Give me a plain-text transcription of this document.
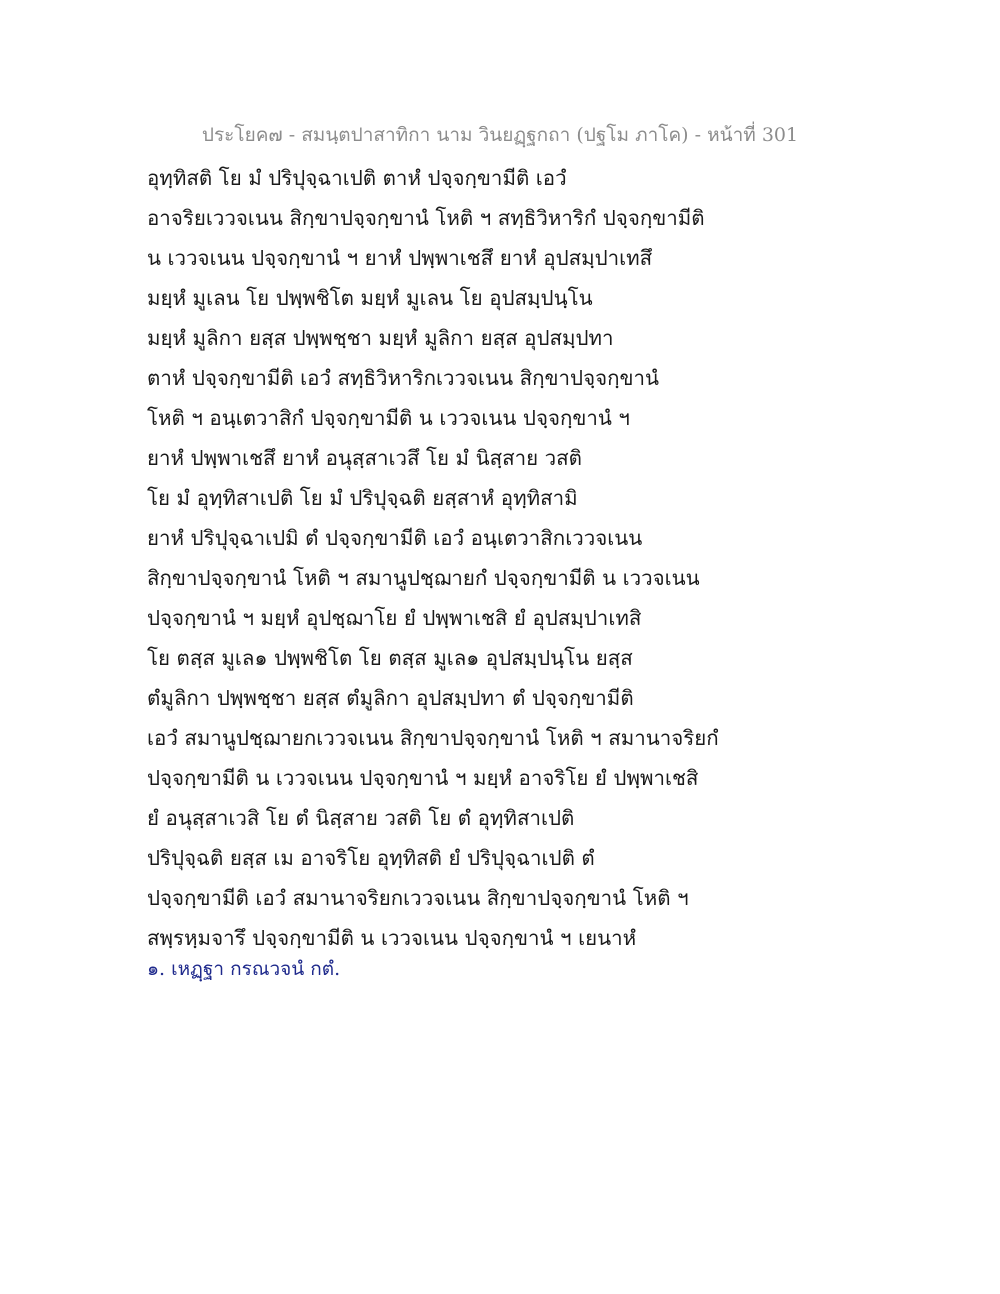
ประโยค๗ - สมนฺตปาสาทิกา นาม วินยฏฺฐกถา (ปฐโม ภาโค) - หน้าที่ 301
อุทฺทิสติ โย มํ ปริปุจฺฉาเปติ ตาหํ ปจฺจกฺขามีติ เอวํ
อาจริยเววจเนน สิกฺขาปจฺจกฺขานํ โหติ ฯ สทฺธิวิหาริกํ ปจฺจกฺขามีติ
น เววจเนน ปจฺจกฺขานํ ฯ ยาหํ ปพฺพาเชสึ ยาหํ อุปสมฺปาเทสึ
มยฺหํ มูเลน โย ปพฺพชิโต มยฺหํ มูเลน โย อุปสมฺปนฺโน
มยฺหํ มูลิกา ยสฺส ปพฺพชฺชา มยฺหํ มูลิกา ยสฺส อุปสมฺปทา
ตาหํ ปจฺจกฺขามีติ เอวํ สทฺธิวิหาริกเววจเนน สิกฺขาปจฺจกฺขานํ
โหติ ฯ อนฺเตวาสิกํ ปจฺจกฺขามีติ น เววจเนน ปจฺจกฺขานํ ฯ
ยาหํ ปพฺพาเชสึ ยาหํ อนุสฺสาเวสึ โย มํ นิสฺสาย วสติ
โย มํ อุทฺทิสาเปติ โย มํ ปริปุจฺฉติ ยสฺสาหํ อุทฺทิสามิ
ยาหํ ปริปุจฺฉาเปมิ ตํ ปจฺจกฺขามีติ เอวํ อนฺเตวาสิกเววจเนน
สิกฺขาปจฺจกฺขานํ โหติ ฯ สมานูปชฺฌายกํ ปจฺจกฺขามีติ น เววจเนน
ปจฺจกฺขานํ ฯ มยฺหํ อุปชฺฌาโย ยํ ปพฺพาเชสิ ยํ อุปสมฺปาเทสิ
โย ตสฺส มูเล๑ ปพฺพชิโต โย ตสฺส มูเล๑ อุปสมฺปนฺโน ยสฺส
ตํมูลิกา ปพฺพชฺชา ยสฺส ตํมูลิกา อุปสมฺปทา ตํ ปจฺจกฺขามีติ
เอวํ สมานูปชฺฌายกเววจเนน สิกฺขาปจฺจกฺขานํ โหติ ฯ สมานาจริยกํ
ปจฺจกฺขามีติ น เววจเนน ปจฺจกฺขานํ ฯ มยฺหํ อาจริโย ยํ ปพฺพาเชสิ
ยํ อนุสฺสาเวสิ โย ตํ นิสฺสาย วสติ โย ตํ อุทฺทิสาเปติ
ปริปุจฺฉติ ยสฺส เม อาจริโย อุทฺทิสติ ยํ ปริปุจฺฉาเปติ ตํ
ปจฺจกฺขามีติ เอวํ สมานาจริยกเววจเนน สิกฺขาปจฺจกฺขานํ โหติ ฯ
สพฺรหฺมจารึ ปจฺจกฺขามีติ น เววจเนน ปจฺจกฺขานํ ฯ เยนาหํ
๑. เหฏฺฐา กรณวจนํ กตํ.
